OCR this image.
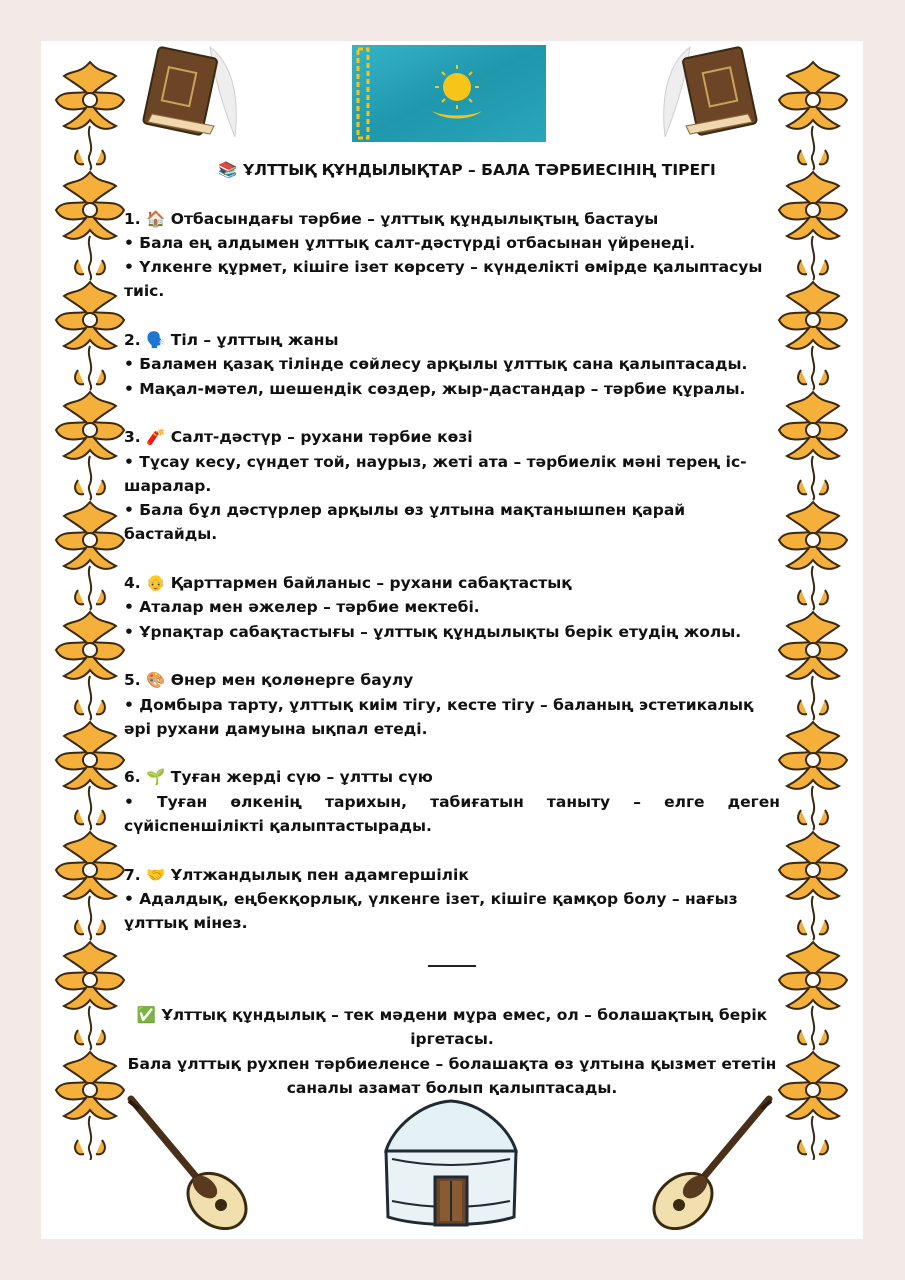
📚 ҰЛТТЫҚ ҚҰНДЫЛЫҚТАР – БАЛА ТӘРБИЕСІНІҢ ТІРЕГІ

1. 🏠 Отбасындағы тәрбие – ұлттық құндылықтың бастауы

• Бала ең алдымен ұлттық салт-дәстүрді отбасынан үйренеді.

• Үлкенге құрмет, кішіге ізет көрсету – күнделікті өмірде қалыптасуы тиіс.

2. 🗣️ Тіл – ұлттың жаны

• Баламен қазақ тілінде сөйлесу арқылы ұлттық сана қалыптасады.

• Мақал-мәтел, шешендік сөздер, жыр-дастандар – тәрбие құралы.

3. 🧨 Салт-дәстүр – рухани тәрбие көзі

• Тұсау кесу, сүндет той, наурыз, жеті ата – тәрбиелік мәні терең іс-шаралар.

• Бала бұл дәстүрлер арқылы өз ұлтына мақтанышпен қарай бастайды.

4. 👴 Қарттармен байланыс – рухани сабақтастық

• Аталар мен әжелер – тәрбие мектебі.

• Ұрпақтар сабақтастығы – ұлттық құндылықты берік етудің жолы.

5. 🎨 Өнер мен қолөнерге баулу

• Домбыра тарту, ұлттық киім тігу, кесте тігу – баланың эстетикалық әрі рухани дамуына ықпал етеді.

6. 🌱 Туған жерді сүю – ұлтты сүю

• Туған өлкенің тарихын, табиғатын таныту – елге деген сүйіспеншілікті қалыптастырады.

7. 🤝 Ұлтжандылық пен адамгершілік

• Адалдық, еңбекқорлық, үлкенге ізет, кішіге қамқор болу – нағыз ұлттық мінез.

✅ Ұлттық құндылық – тек мәдени мұра емес, ол – болашақтың берік іргетасы.

Бала ұлттық рухпен тәрбиеленсе – болашақта өз ұлтына қызмет ететін саналы азамат болып қалыптасады.
